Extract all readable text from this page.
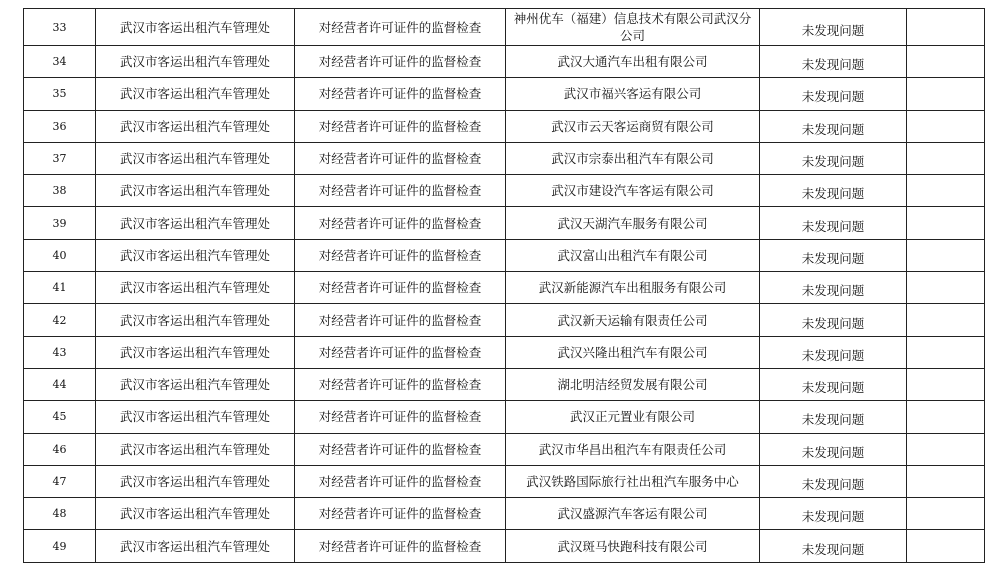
33	武汉市客运出租汽车管理处	对经营者许可证件的监督检查	神州优车（福建）信息技术有限公司武汉分公司	未发现问题	
34	武汉市客运出租汽车管理处	对经营者许可证件的监督检查	武汉大通汽车出租有限公司	未发现问题	
35	武汉市客运出租汽车管理处	对经营者许可证件的监督检查	武汉市福兴客运有限公司	未发现问题	
36	武汉市客运出租汽车管理处	对经营者许可证件的监督检查	武汉市云天客运商贸有限公司	未发现问题	
37	武汉市客运出租汽车管理处	对经营者许可证件的监督检查	武汉市宗泰出租汽车有限公司	未发现问题	
38	武汉市客运出租汽车管理处	对经营者许可证件的监督检查	武汉市建设汽车客运有限公司	未发现问题	
39	武汉市客运出租汽车管理处	对经营者许可证件的监督检查	武汉天湖汽车服务有限公司	未发现问题	
40	武汉市客运出租汽车管理处	对经营者许可证件的监督检查	武汉富山出租汽车有限公司	未发现问题	
41	武汉市客运出租汽车管理处	对经营者许可证件的监督检查	武汉新能源汽车出租服务有限公司	未发现问题	
42	武汉市客运出租汽车管理处	对经营者许可证件的监督检查	武汉新天运输有限责任公司	未发现问题	
43	武汉市客运出租汽车管理处	对经营者许可证件的监督检查	武汉兴隆出租汽车有限公司	未发现问题	
44	武汉市客运出租汽车管理处	对经营者许可证件的监督检查	湖北明洁经贸发展有限公司	未发现问题	
45	武汉市客运出租汽车管理处	对经营者许可证件的监督检查	武汉正元置业有限公司	未发现问题	
46	武汉市客运出租汽车管理处	对经营者许可证件的监督检查	武汉市华昌出租汽车有限责任公司	未发现问题	
47	武汉市客运出租汽车管理处	对经营者许可证件的监督检查	武汉铁路国际旅行社出租汽车服务中心	未发现问题	
48	武汉市客运出租汽车管理处	对经营者许可证件的监督检查	武汉盛源汽车客运有限公司	未发现问题	
49	武汉市客运出租汽车管理处	对经营者许可证件的监督检查	武汉斑马快跑科技有限公司	未发现问题	
